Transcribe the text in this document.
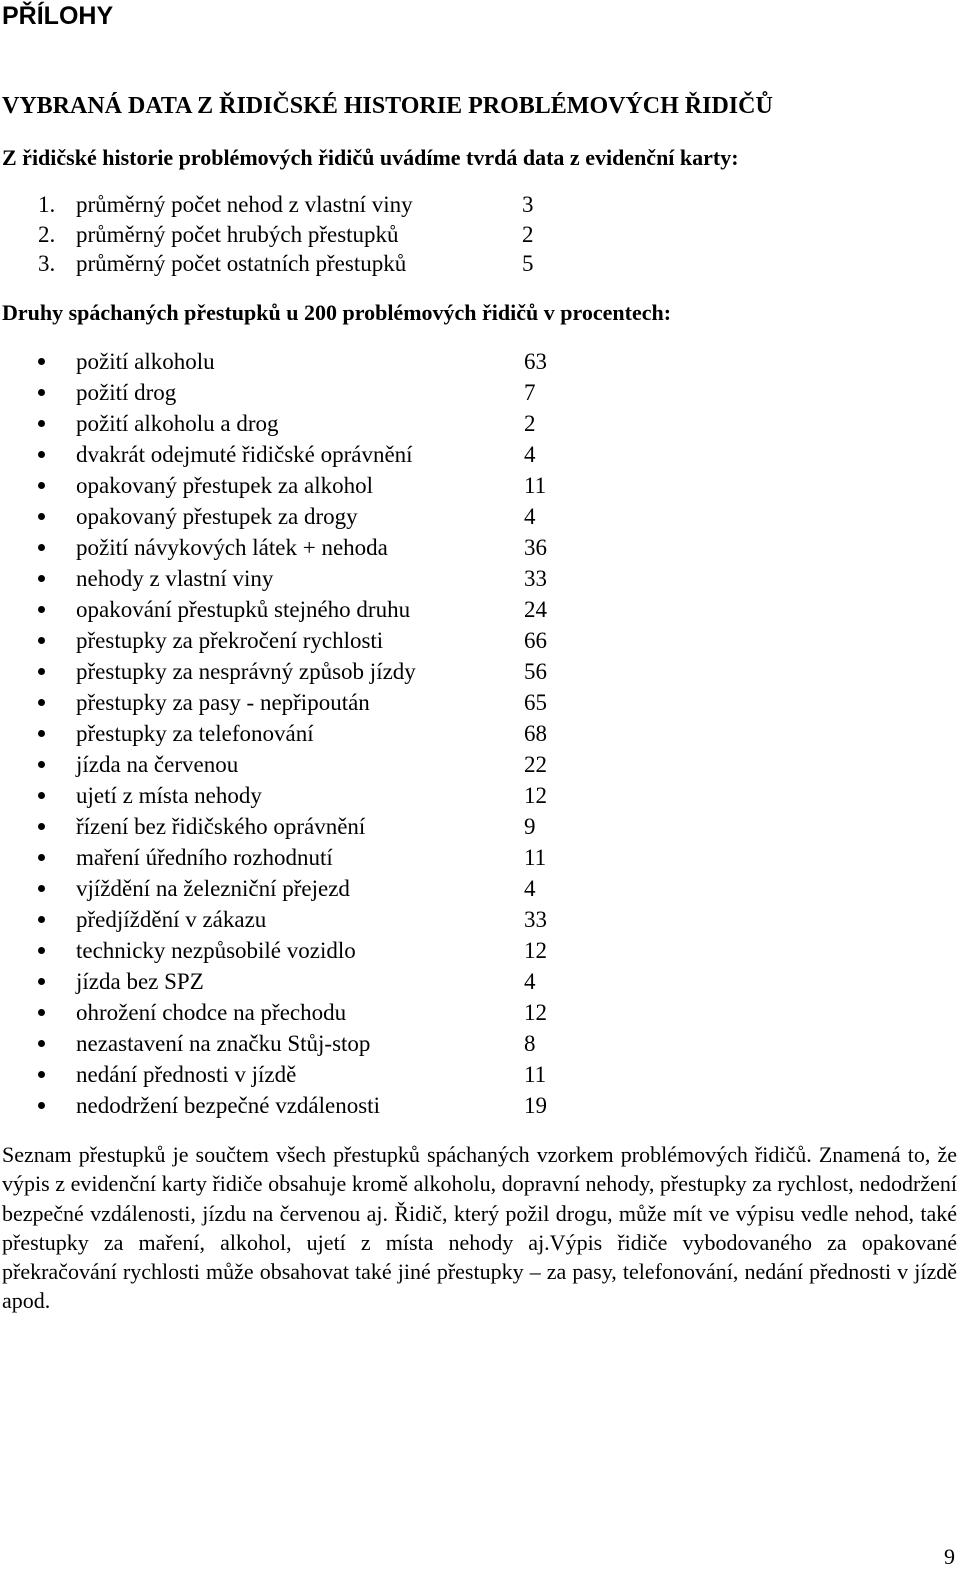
PŘÍLOHY
VYBRANÁ DATA Z ŘIDIČSKÉ HISTORIE PROBLÉMOVÝCH ŘIDIČŮ
Z řidičské historie problémových řidičů uvádíme tvrdá data z evidenční karty:
1. průměrný počet nehod z vlastní viny	3
2. průměrný počet hrubých přestupků	2
3. průměrný počet ostatních přestupků	5
Druhy spáchaných přestupků u 200 problémových řidičů v procentech:
požití alkoholu	63
požití drog	7
požití alkoholu a drog	2
dvakrát odejmuté řidičské oprávnění	4
opakovaný přestupek za alkohol	11
opakovaný přestupek za drogy	4
požití návykových látek + nehoda	36
nehody z vlastní viny	33
opakování přestupků stejného druhu	24
přestupky za překročení rychlosti	66
přestupky za nesprávný způsob jízdy	56
přestupky za pasy - nepřipoután	65
přestupky za telefonování	68
jízda na červenou	22
ujetí z místa nehody	12
řízení bez řidičského oprávnění	9
maření úředního rozhodnutí	11
vjíždění na železniční přejezd	4
předjíždění v zákazu	33
technicky nezpůsobilé vozidlo	12
jízda bez SPZ	4
ohrožení chodce na přechodu	12
nezastavení na značku Stůj-stop	8
nedání přednosti v jízdě	11
nedodržení bezpečné vzdálenosti	19

Seznam přestupků je součtem všech přestupků spáchaných vzorkem problémových řidičů. Znamená to, že výpis z evidenční karty řidiče obsahuje kromě alkoholu, dopravní nehody, přestupky za rychlost, nedodržení bezpečné vzdálenosti, jízdu na červenou aj. Řidič, který požil drogu, může mít ve výpisu vedle nehod, také přestupky za maření, alkohol, ujetí z místa nehody aj.Výpis řidiče vybodovaného za opakované překračování rychlosti může obsahovat také jiné přestupky – za pasy, telefonování, nedání přednosti v jízdě apod.

9
